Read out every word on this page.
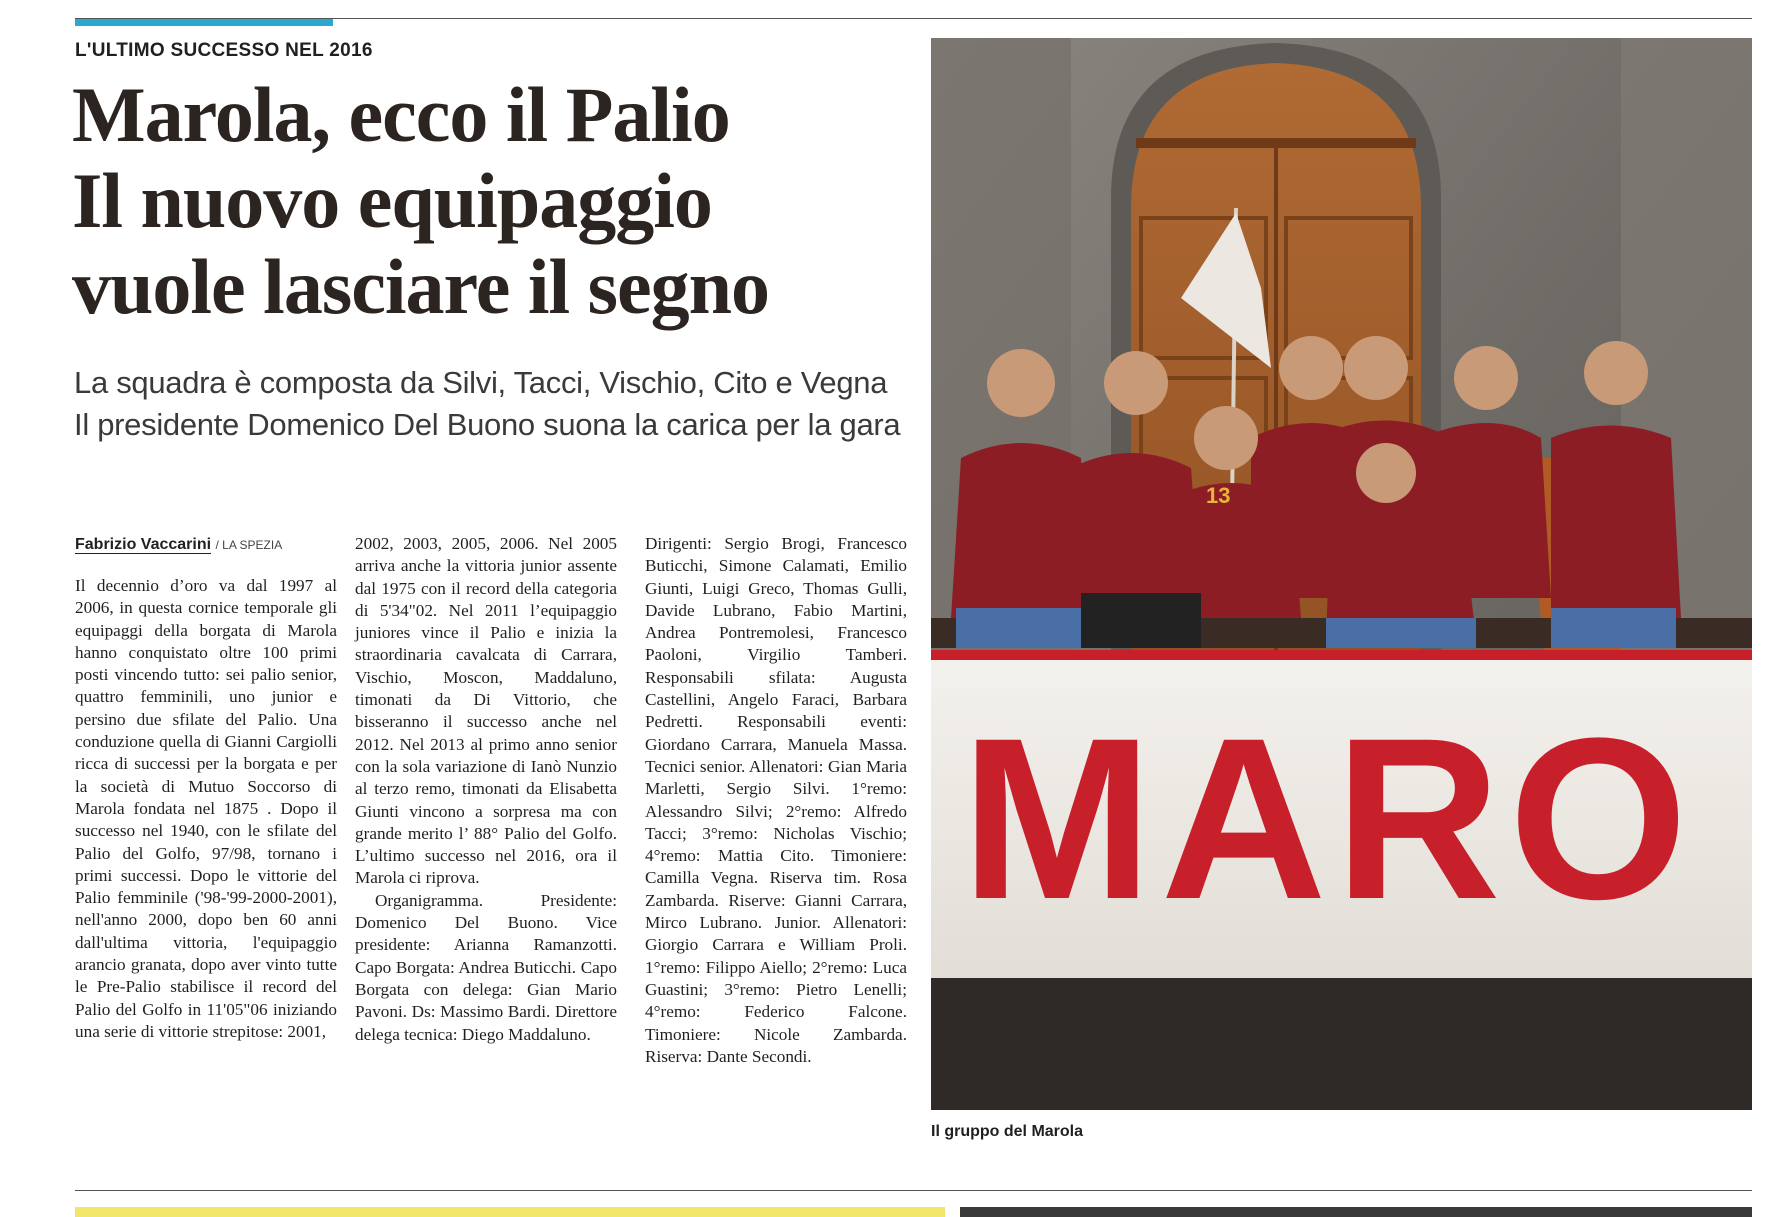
L'ULTIMO SUCCESSO NEL 2016
Marola, ecco il Palio
Il nuovo equipaggio
vuole lasciare il segno
La squadra è composta da Silvi, Tacci, Vischio, Cito e Vegna
Il presidente Domenico Del Buono suona la carica per la gara
Fabrizio Vaccarini / LA SPEZIA

Il decennio d’oro va dal 1997 al 2006, in questa cornice temporale gli equipaggi della borgata di Marola hanno conquistato oltre 100 primi posti vincendo tutto: sei palio senior, quattro femminili, uno junior e persino due sfilate del Palio. Una conduzione quella di Gianni Cargiolli ricca di successi per la borgata e per la società di Mutuo Soccorso di Marola fondata nel 1875 . Dopo il successo nel 1940, con le sfilate del Palio del Golfo, 97/98, tornano i primi successi. Dopo le vittorie del Palio femminile ('98-'99-2000-2001), nell'anno 2000, dopo ben 60 anni dall'ultima vittoria, l'equipaggio arancio granata, dopo aver vinto tutte le Pre-Palio stabilisce il record del Palio del Golfo in 11'05"06 iniziando una serie di vittorie strepitose: 2001,

2002, 2003, 2005, 2006. Nel 2005 arriva anche la vittoria junior assente dal 1975 con il record della categoria di 5'34"02. Nel 2011 l’equipaggio juniores vince il Palio e inizia la straordinaria cavalcata di Carrara, Vischio, Moscon, Maddaluno, timonati da Di Vittorio, che bisseranno il successo anche nel 2012. Nel 2013 al primo anno senior con la sola variazione di Ianò Nunzio al terzo remo, timonati da Elisabetta Giunti vincono a sorpresa ma con grande merito l’ 88° Palio del Golfo. L’ultimo successo nel 2016, ora il Marola ci riprova.

Organigramma. Presidente: Domenico Del Buono. Vice presidente: Arianna Ramanzotti. Capo Borgata: Andrea Buticchi. Capo Borgata con delega: Gian Mario Pavoni. Ds: Massimo Bardi. Direttore delega tecnica: Diego Maddaluno.

Dirigenti: Sergio Brogi, Francesco Buticchi, Simone Calamati, Emilio Giunti, Luigi Greco, Thomas Gulli, Davide Lubrano, Fabio Martini, Andrea Pontremolesi, Francesco Paoloni, Virgilio Tamberi. Responsabili sfilata: Augusta Castellini, Angelo Faraci, Barbara Pedretti. Responsabili eventi: Giordano Carrara, Manuela Massa. Tecnici senior. Allenatori: Gian Maria Marletti, Sergio Silvi. 1°remo: Alessandro Silvi; 2°remo: Alfredo Tacci; 3°remo: Nicholas Vischio; 4°remo: Mattia Cito. Timoniere: Camilla Vegna. Riserva tim. Rosa Zambarda. Riserve: Gianni Carrara, Mirco Lubrano. Junior. Allenatori: Giorgio Carrara e William Proli. 1°remo: Filippo Aiello; 2°remo: Luca Guastini; 3°remo: Pietro Lenelli; 4°remo: Federico Falcone. Timoniere: Nicole Zambarda. Riserva: Dante Secondi.

MARO
13
Il gruppo del Marola
